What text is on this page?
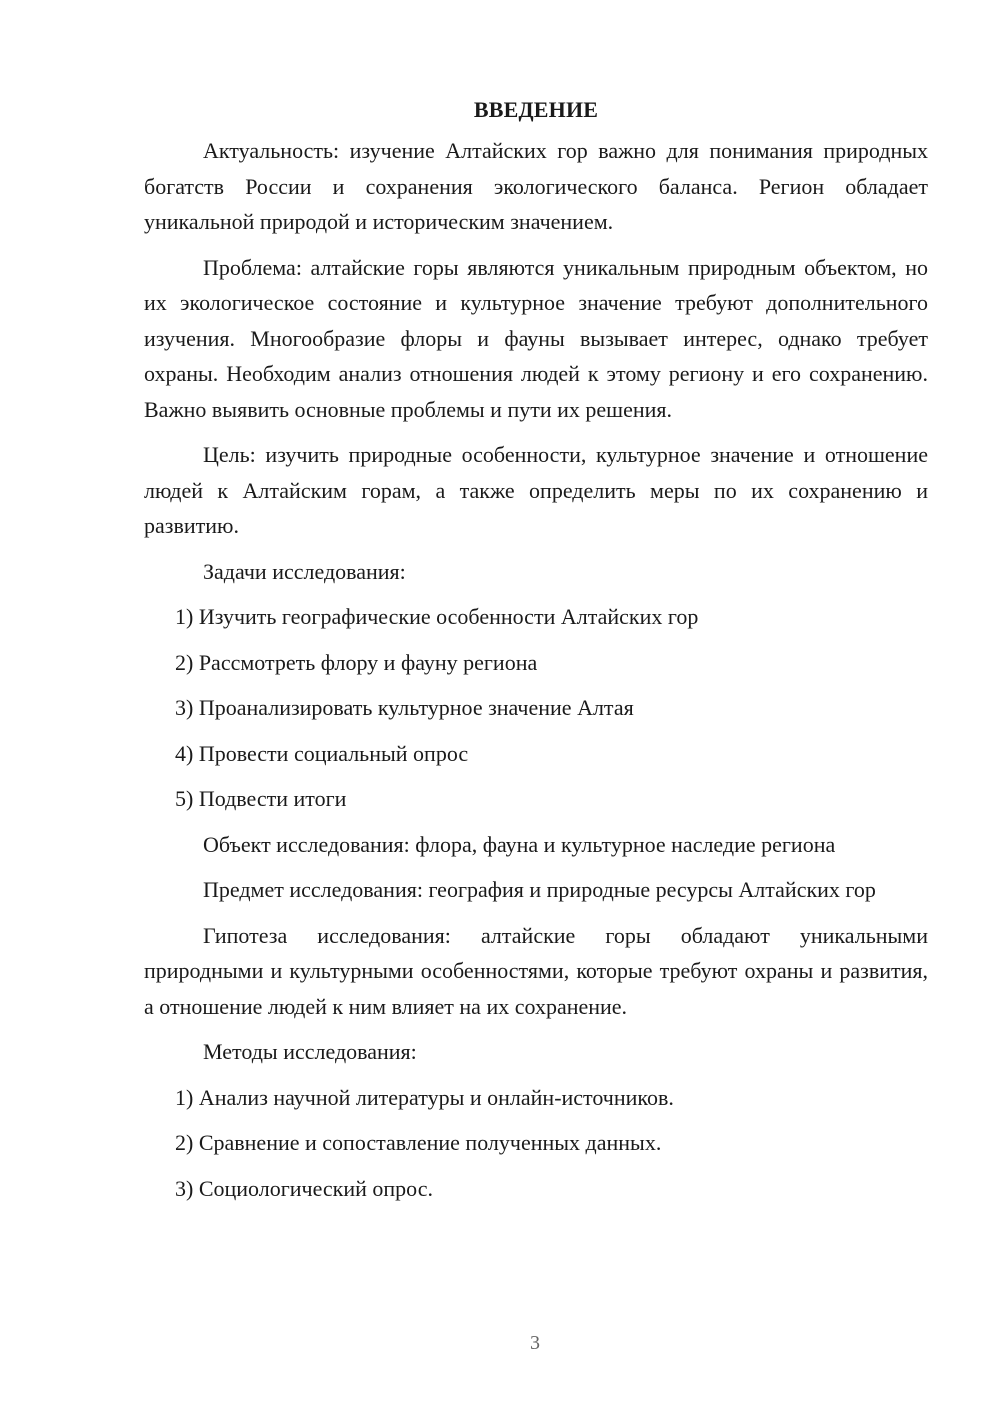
ВВЕДЕНИЕ

Актуальность: изучение Алтайских гор важно для понимания природных богатств России и сохранения экологического баланса. Регион обладает уникальной природой и историческим значением.

Проблема: алтайские горы являются уникальным природным объектом, но их экологическое состояние и культурное значение требуют дополнительного изучения. Многообразие флоры и фауны вызывает интерес, однако требует охраны. Необходим анализ отношения людей к этому региону и его сохранению. Важно выявить основные проблемы и пути их решения.

Цель: изучить природные особенности, культурное значение и отношение людей к Алтайским горам, а также определить меры по их сохранению и развитию.

Задачи исследования:

1) Изучить географические особенности Алтайских гор

2) Рассмотреть флору и фауну региона

3) Проанализировать культурное значение Алтая

4) Провести социальный опрос

5) Подвести итоги

Объект исследования: флора, фауна и культурное наследие региона

Предмет исследования: география и природные ресурсы Алтайских гор

Гипотеза исследования: алтайские горы обладают уникальными природными и культурными особенностями, которые требуют охраны и развития, а отношение людей к ним влияет на их сохранение.

Методы исследования:

1) Анализ научной литературы и онлайн-источников.

2) Сравнение и сопоставление полученных данных.

3) Социологический опрос.

3
